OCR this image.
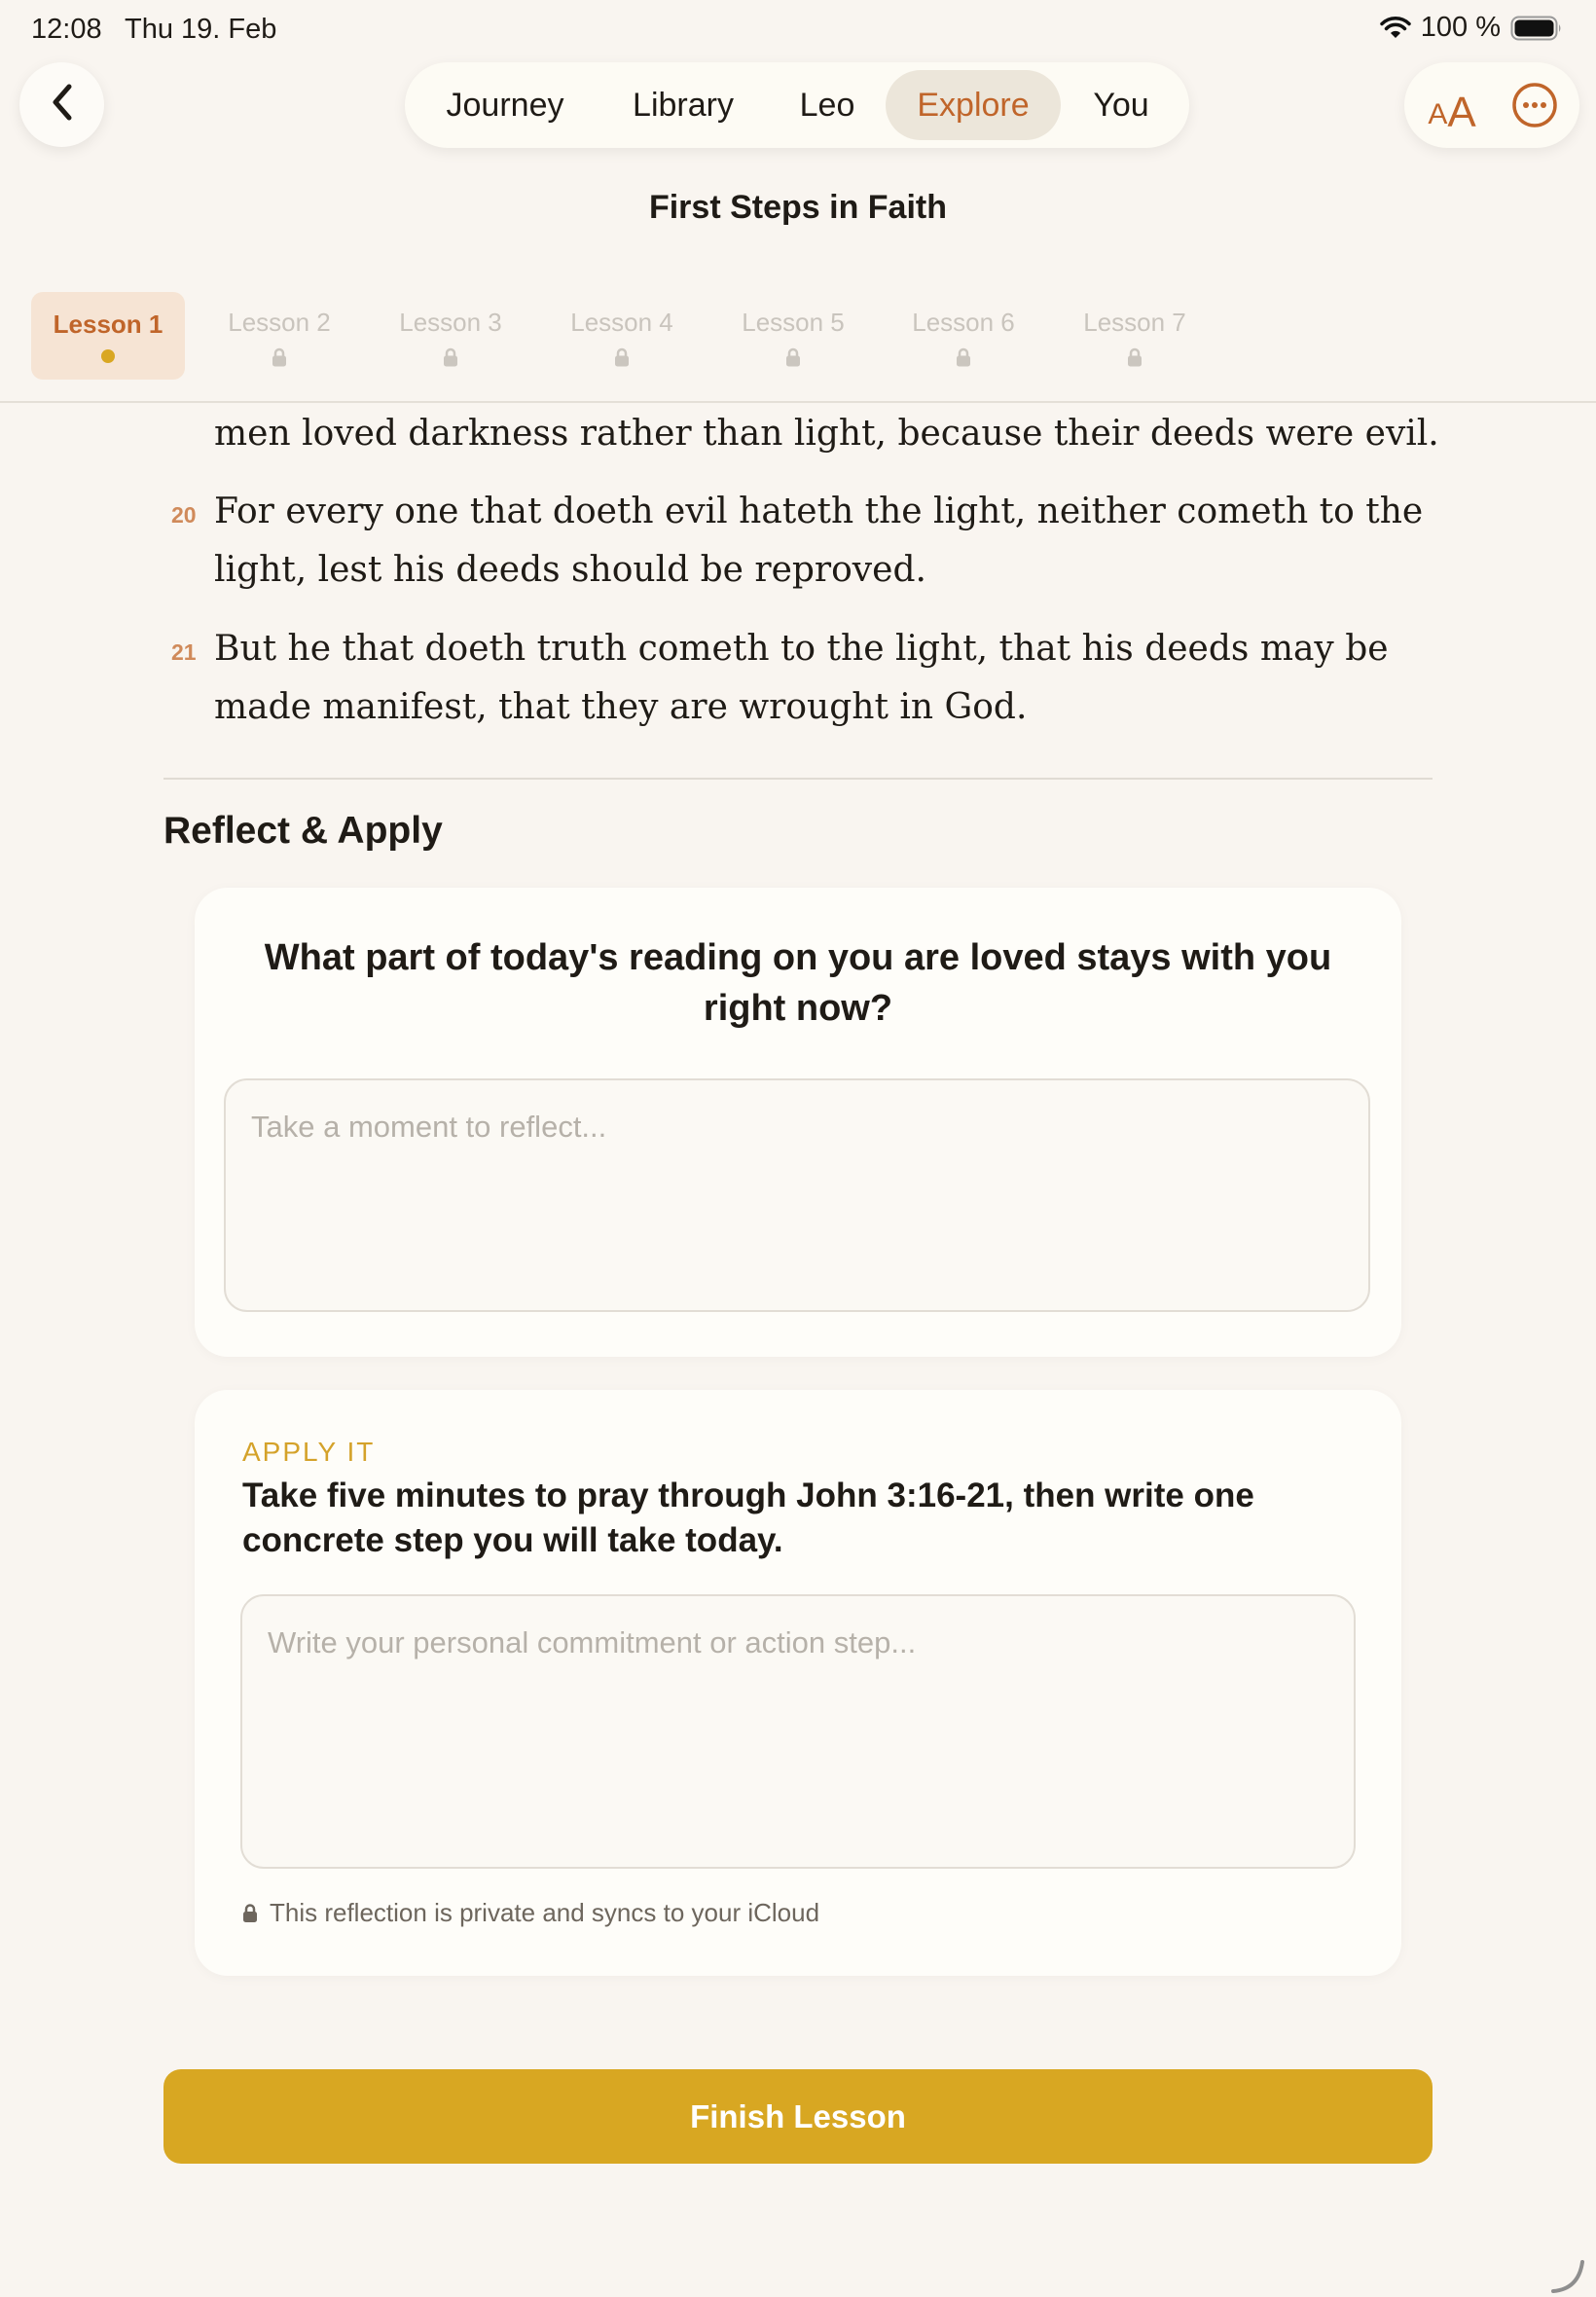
12:08 Thu 19. Feb	100 %
Journey	Library	Leo	Explore	You	A A
First Steps in Faith
Lesson 1	Lesson 2	Lesson 3	Lesson 4	Lesson 5	Lesson 6	Lesson 7
men loved darkness rather than light, because their deeds were evil.
20 For every one that doeth evil hateth the light, neither cometh to the
light, lest his deeds should be reproved.
21 But he that doeth truth cometh to the light, that his deeds may be
made manifest, that they are wrought in God.
Reflect & Apply
What part of today's reading on you are loved stays with you right now?
Take a moment to reflect...
APPLY IT
Take five minutes to pray through John 3:16-21, then write one concrete step you will take today.
Write your personal commitment or action step...
This reflection is private and syncs to your iCloud
Finish Lesson
